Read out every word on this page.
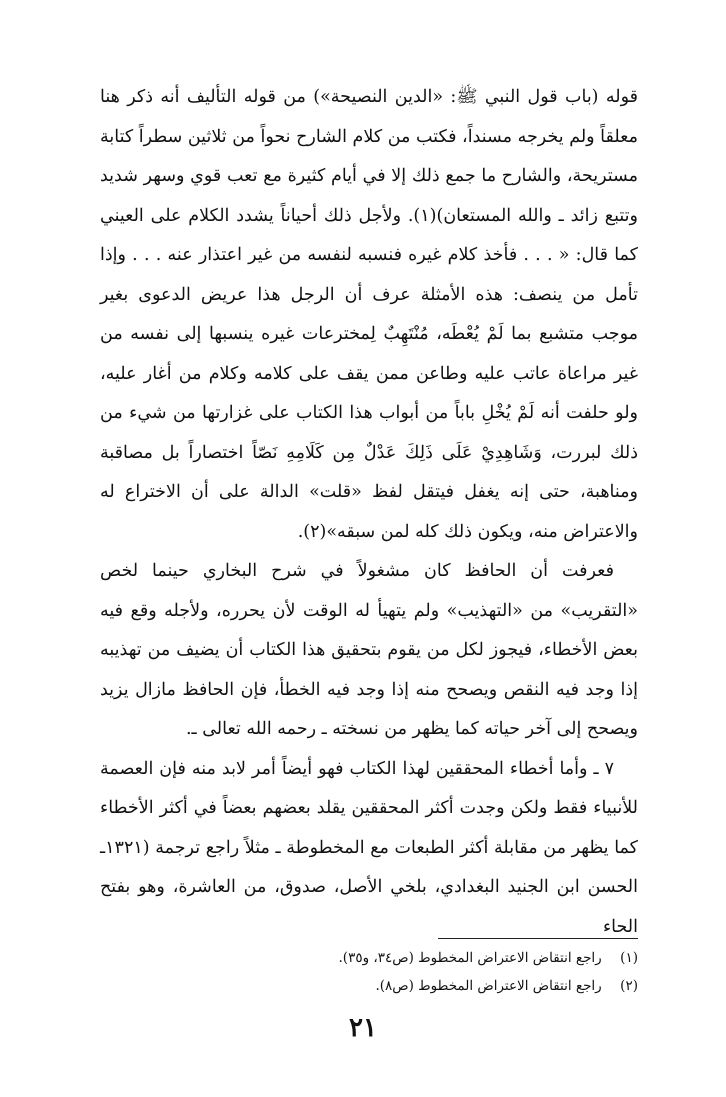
قوله (باب قول النبي ﷺ: «الدين النصيحة») من قوله التأليف أنه ذكر هنا معلقاً ولم يخرجه مسنداً، فكتب من كلام الشارح نحواً من ثلاثين سطراً كتابة مستريحة، والشارح ما جمع ذلك إلا في أيام كثيرة مع تعب قوي وسهر شديد وتتبع زائد ـ والله المستعان)(١). ولأجل ذلك أحياناً يشدد الكلام على العيني كما قال: « . . . فأخذ كلام غيره فنسبه لنفسه من غير اعتذار عنه . . . وإذا تأمل من ينصف: هذه الأمثلة عرف أن الرجل هذا عريض الدعوى بغير موجب متشبع بما لَمْ يُعْطَه، مُنْتَهِبٌ لِمخترعات غيره ينسبها إلى نفسه من غير مراعاة عاتب عليه وطاعن ممن يقف على كلامه وكلام من أغار عليه، ولو حلفت أنه لَمْ يُخْلِ باباً من أبواب هذا الكتاب على غزارتها من شيء من ذلك لبررت، وَشَاهِدِيْ عَلَى ذَلِكَ عَدْلٌ مِن كَلَامِهِ نَصّاً اختصاراً بل مصاقبة ومناهبة، حتى إنه يغفل فيتقل لفظ «قلت» الدالة على أن الاختراع له والاعتراض منه، ويكون ذلك كله لمن سبقه»(٢).

فعرفت أن الحافظ كان مشغولاً في شرح البخاري حينما لخص «التقريب» من «التهذيب» ولم يتهيأ له الوقت لأن يحرره، ولأجله وقع فيه بعض الأخطاء، فيجوز لكل من يقوم بتحقيق هذا الكتاب أن يضيف من تهذيبه إذا وجد فيه النقص ويصحح منه إذا وجد فيه الخطأ، فإن الحافظ مازال يزيد ويصحح إلى آخر حياته كما يظهر من نسخته ـ رحمه الله تعالى ـ.

٧ ـ وأما أخطاء المحققين لهذا الكتاب فهو أيضاً أمر لابد منه فإن العصمة للأنبياء فقط ولكن وجدت أكثر المحققين يقلد بعضهم بعضاً في أكثر الأخطاء كما يظهر من مقابلة أكثر الطبعات مع المخطوطة ـ مثلاً راجع ترجمة (١٣٢١ـ الحسن ابن الجنيد البغدادي، بلخي الأصل، صدوق، من العاشرة، وهو بفتح الحاء

(١) راجع انتقاض الاعتراض المخطوط (ص٣٤، و٣٥).

(٢) راجع انتقاض الاعتراض المخطوط (ص٨).

٢١
